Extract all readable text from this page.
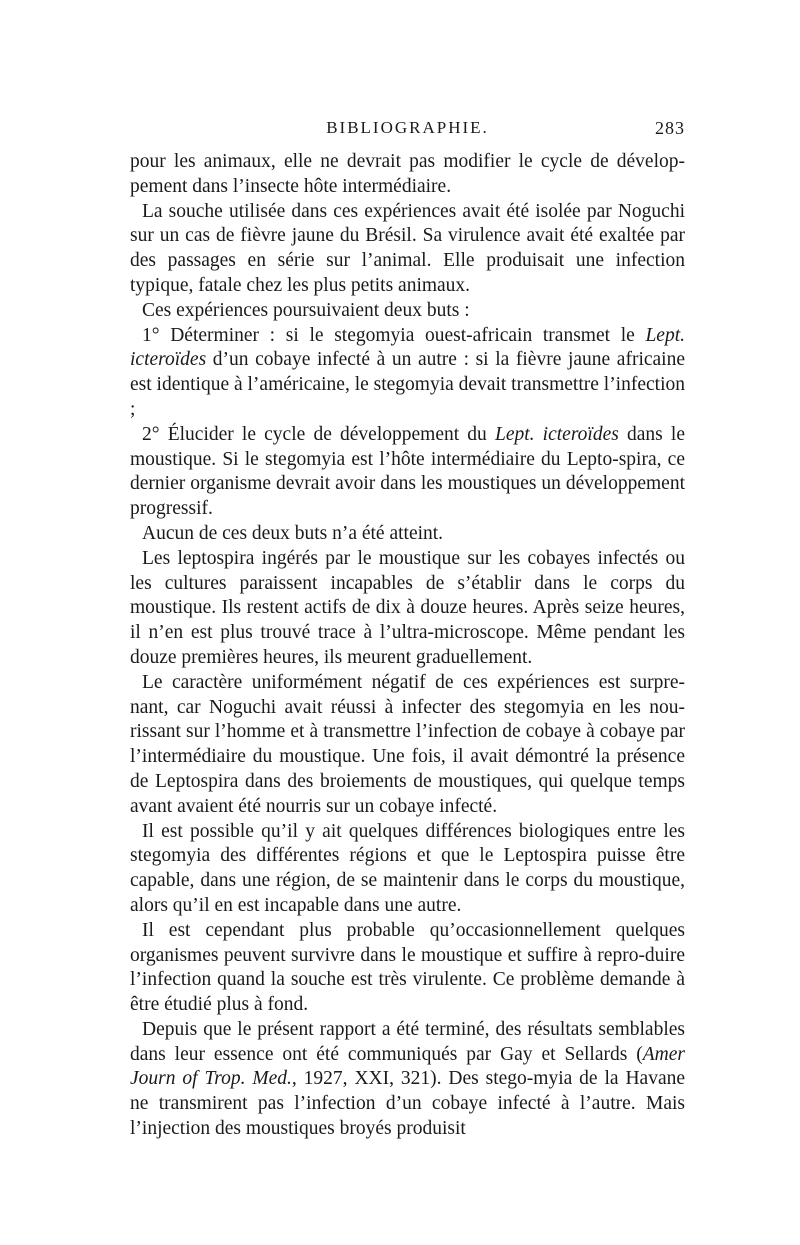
BIBLIOGRAPHIE.	283

pour les animaux, elle ne devrait pas modifier le cycle de dévelop-pement dans l’insecte hôte intermédiaire.

La souche utilisée dans ces expériences avait été isolée par Noguchi sur un cas de fièvre jaune du Brésil. Sa virulence avait été exaltée par des passages en série sur l’animal. Elle produisait une infection typique, fatale chez les plus petits animaux.

Ces expériences poursuivaient deux buts :

1° Déterminer : si le stegomyia ouest-africain transmet le Lept. icteroïdes d’un cobaye infecté à un autre : si la fièvre jaune africaine est identique à l’américaine, le stegomyia devait transmettre l’infection ;

2° Élucider le cycle de développement du Lept. icteroïdes dans le moustique. Si le stegomyia est l’hôte intermédiaire du Lepto-spira, ce dernier organisme devrait avoir dans les moustiques un développement progressif.

Aucun de ces deux buts n’a été atteint.

Les leptospira ingérés par le moustique sur les cobayes infectés ou les cultures paraissent incapables de s’établir dans le corps du moustique. Ils restent actifs de dix à douze heures. Après seize heures, il n’en est plus trouvé trace à l’ultra-microscope. Même pendant les douze premières heures, ils meurent graduellement.

Le caractère uniformément négatif de ces expériences est surpre-nant, car Noguchi avait réussi à infecter des stegomyia en les nou-rissant sur l’homme et à transmettre l’infection de cobaye à cobaye par l’intermédiaire du moustique. Une fois, il avait démontré la présence de Leptospira dans des broiements de moustiques, qui quelque temps avant avaient été nourris sur un cobaye infecté.

Il est possible qu’il y ait quelques différences biologiques entre les stegomyia des différentes régions et que le Leptospira puisse être capable, dans une région, de se maintenir dans le corps du moustique, alors qu’il en est incapable dans une autre.

Il est cependant plus probable qu’occasionnellement quelques organismes peuvent survivre dans le moustique et suffire à repro-duire l’infection quand la souche est très virulente. Ce problème demande à être étudié plus à fond.

Depuis que le présent rapport a été terminé, des résultats semblables dans leur essence ont été communiqués par Gay et Sellards (Amer Journ of Trop. Med., 1927, XXI, 321). Des stego-myia de la Havane ne transmirent pas l’infection d’un cobaye infecté à l’autre. Mais l’injection des moustiques broyés produisit
